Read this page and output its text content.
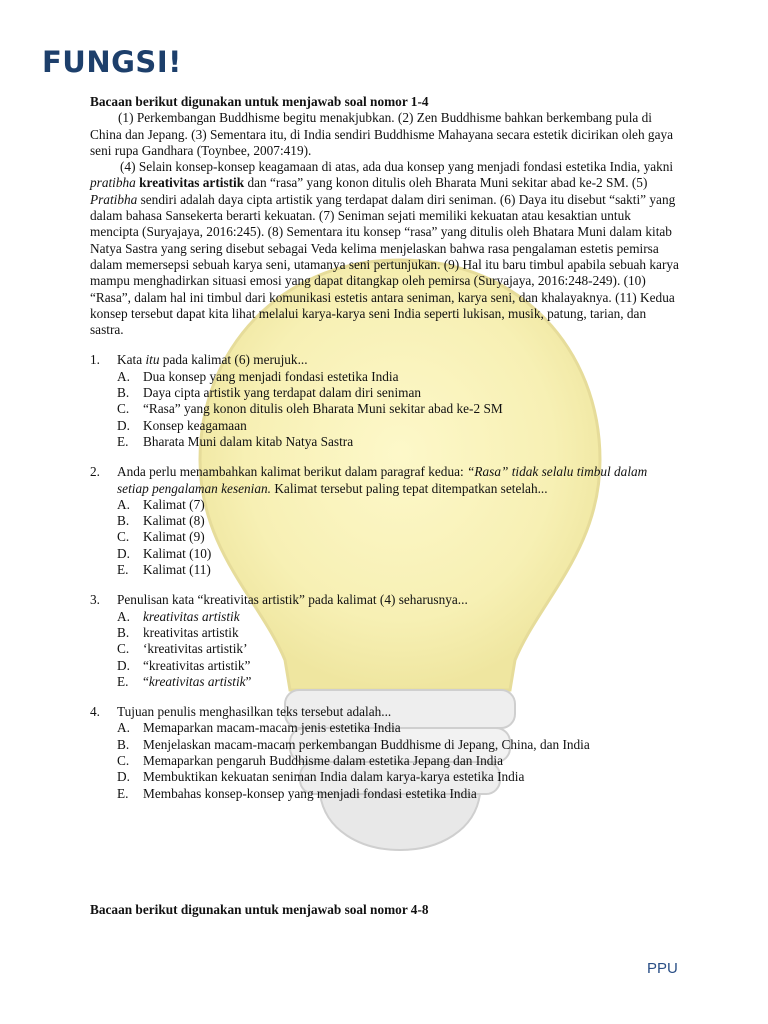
FUNGSI!

Bacaan berikut digunakan untuk menjawab soal nomor 1-4

(1) Perkembangan Buddhisme begitu menakjubkan. (2) Zen Buddhisme bahkan berkembang pula di China dan Jepang. (3) Sementara itu, di India sendiri Buddhisme Mahayana secara estetik dicirikan oleh gaya seni rupa Gandhara (Toynbee, 2007:419).

(4) Selain konsep-konsep keagamaan di atas, ada dua konsep yang menjadi fondasi estetika India, yakni pratibha kreativitas artistik dan “rasa” yang konon ditulis oleh Bharata Muni sekitar abad ke-2 SM. (5) Pratibha sendiri adalah daya cipta artistik yang terdapat dalam diri seniman. (6) Daya itu disebut “sakti” yang dalam bahasa Sansekerta berarti kekuatan. (7) Seniman sejati memiliki kekuatan atau kesaktian untuk mencipta (Suryajaya, 2016:245). (8) Sementara itu konsep “rasa” yang ditulis oleh Bhatara Muni dalam kitab Natya Sastra yang sering disebut sebagai Veda kelima menjelaskan bahwa rasa pengalaman estetis pemirsa dalam memersepsi sebuah karya seni, utamanya seni pertunjukan. (9) Hal itu baru timbul apabila sebuah karya mampu menghadirkan situasi emosi yang dapat ditangkap oleh pemirsa (Suryajaya, 2016:248-249). (10) “Rasa”, dalam hal ini timbul dari komunikasi estetis antara seniman, karya seni, dan khalayaknya. (11) Kedua konsep tersebut dapat kita lihat melalui karya-karya seni India seperti lukisan, musik, patung, tarian, dan sastra.

1.	Kata itu pada kalimat (6) merujuk...
A. Dua konsep yang menjadi fondasi estetika India
B.	Daya cipta artistik yang terdapat dalam diri seniman
C.	“Rasa” yang konon ditulis oleh Bharata Muni sekitar abad ke-2 SM
D. Konsep keagamaan
E.	Bharata Muni dalam kitab Natya Sastra
2.	Anda perlu menambahkan kalimat berikut dalam paragraf kedua: “Rasa” tidak selalu timbul dalam setiap pengalaman kesenian. Kalimat tersebut paling tepat ditempatkan setelah...
A. Kalimat (7)
B.	Kalimat (8)
C.	Kalimat (9)
D. Kalimat (10)
E.	Kalimat (11)
3.	Penulisan kata “kreativitas artistik” pada kalimat (4) seharusnya...
A. kreativitas artistik
B.	kreativitas artistik
C.	‘kreativitas artistik’
D. “kreativitas artistik”
E.	“kreativitas artistik”
4.	Tujuan penulis menghasilkan teks tersebut adalah...
A. Memaparkan macam-macam jenis estetika India
B.	Menjelaskan macam-macam perkembangan Buddhisme di Jepang, China, dan India
C.	Memaparkan pengaruh Buddhisme dalam estetika Jepang dan India
D. Membuktikan kekuatan seniman India dalam karya-karya estetika India
E.	Membahas konsep-konsep yang menjadi fondasi estetika India
Bacaan berikut digunakan untuk menjawab soal nomor 4-8
PPU
